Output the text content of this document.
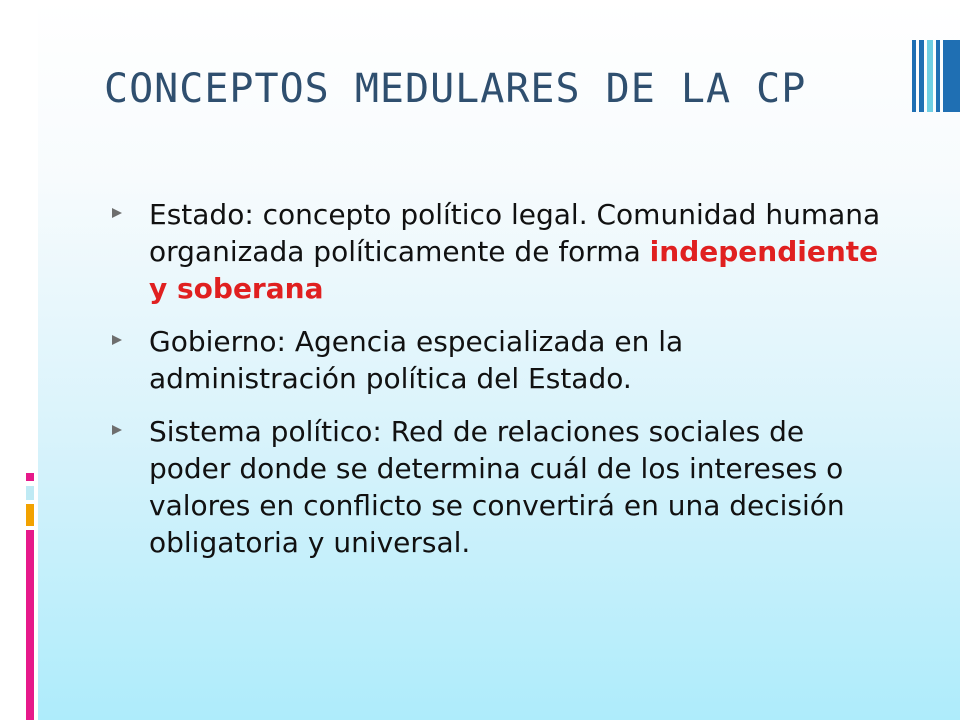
CONCEPTOS MEDULARES DE LA CP
Estado: concepto político legal. Comunidad humana organizada políticamente de forma independiente y soberana
Gobierno: Agencia especializada en la administración política del Estado.
Sistema político: Red de relaciones sociales de poder donde se determina cuál de los intereses o valores en conflicto se convertirá en una decisión obligatoria y universal.
